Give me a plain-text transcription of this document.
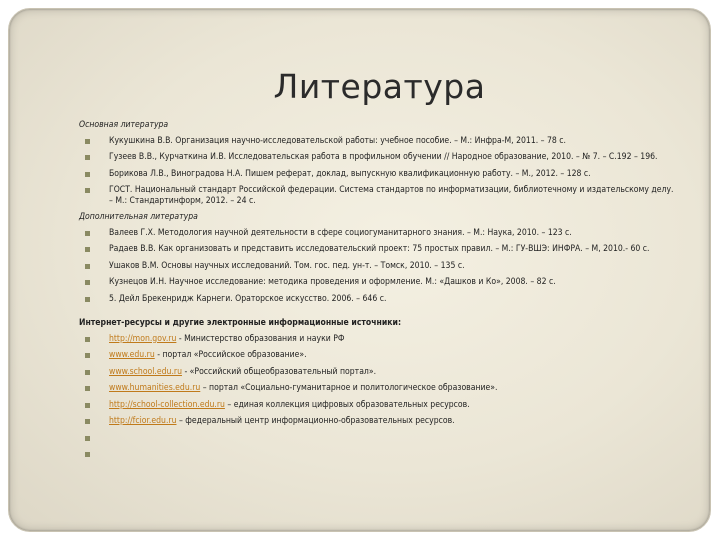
Литература
Основная литература
Кукушкина В.В. Организация научно-исследовательской работы: учебное пособие. – М.: Инфра-М, 2011. – 78 с.
Гузеев В.В., Курчаткина И.В. Исследовательская работа в профильном обучении // Народное образование, 2010. – № 7. – С.192 – 196.
Борикова Л.В., Виноградова Н.А. Пишем реферат, доклад, выпускную квалификационную работу. – М., 2012. – 128 с.
ГОСТ. Национальный стандарт Российской федерации. Система стандартов по информатизации, библиотечному и издательскому делу. – М.: Стандартинформ, 2012. – 24 с.
Дополнительная литература
Валеев Г.Х. Методология научной деятельности в сфере социогуманитарного знания. – М.: Наука, 2010. – 123 с.
Радаев В.В. Как организовать и представить исследовательский проект: 75 простых правил. – М.: ГУ-ВШЭ: ИНФРА. – М, 2010.- 60 с.
Ушаков В.М. Основы научных исследований. Том. гос. пед. ун-т. – Томск, 2010. – 135 с.
Кузнецов И.Н. Научное исследование: методика проведения и оформление. М.: «Дашков и Ко», 2008. – 82 с.
5. Дейл Брекенридж Карнеги. Ораторское искусство. 2006. – 646 с.
Интернет-ресурсы и другие электронные информационные источники:
http://mon.gov.ru - Министерство образования и науки РФ
www.edu.ru - портал «Российское образование».
www.school.edu.ru - «Российский общеобразовательный портал».
www.humanities.edu.ru – портал «Социально-гуманитарное и политологическое образование».
http://school-collection.edu.ru – единая коллекция цифровых образовательных ресурсов.
http://fcior.edu.ru – федеральный центр информационно-образовательных ресурсов.
